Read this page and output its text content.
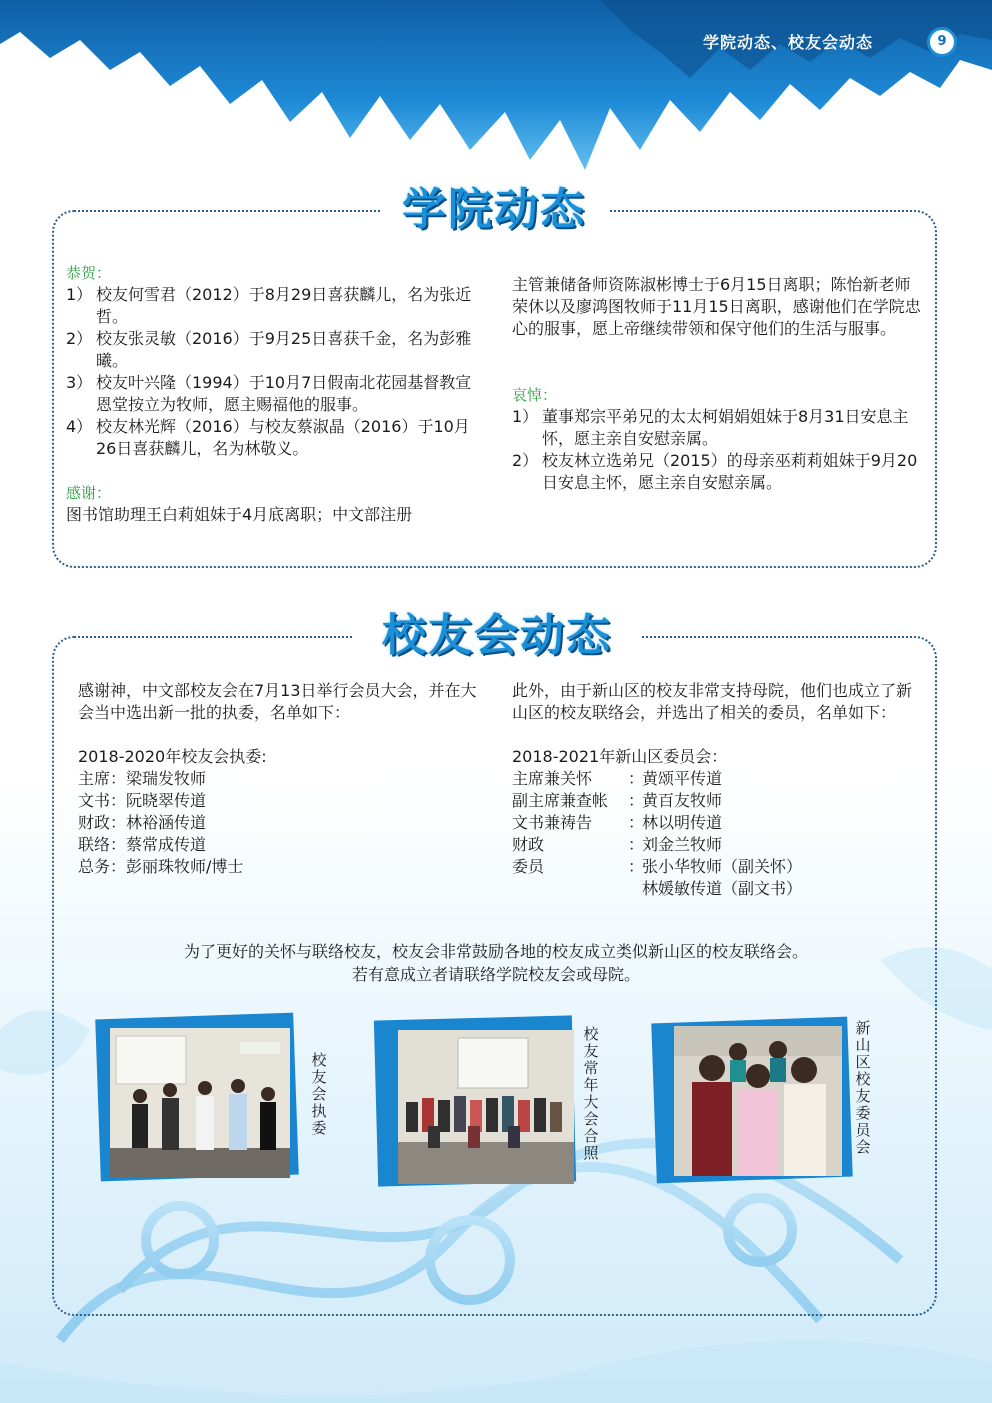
学院动态、校友会动态	9
学院动态
恭贺：
1） 校友何雪君（2012）于8月29日喜获麟儿，名为张近哲。
2） 校友张灵敏（2016）于9月25日喜获千金，名为彭雅曦。
3） 校友叶兴隆（1994）于10月7日假南北花园基督教宣恩堂按立为牧师，愿主赐福他的服事。
4） 校友林光辉（2016）与校友蔡淑晶（2016）于10月26日喜获麟儿，名为林敬义。
感谢：
图书馆助理王白莉姐妹于4月底离职；中文部注册
主管兼储备师资陈淑彬博士于6月15日离职；陈怡新老师荣休以及廖鸿图牧师于11月15日离职，感谢他们在学院忠心的服事，愿上帝继续带领和保守他们的生活与服事。
哀悼：
1） 董事郑宗平弟兄的太太柯娟娟姐妹于8月31日安息主怀，愿主亲自安慰亲属。
2） 校友林立选弟兄（2015）的母亲巫莉莉姐妹于9月20日安息主怀，愿主亲自安慰亲属。
校友会动态
感谢神，中文部校友会在7月13日举行会员大会，并在大会当中选出新一批的执委，名单如下：
2018-2020年校友会执委:
主席 ： 梁瑞发牧师
文书 ： 阮晓翠传道
财政 ： 林裕涵传道
联络 ： 蔡常成传道
总务 ： 彭丽珠牧师/博士
此外，由于新山区的校友非常支持母院，他们也成立了新山区的校友联络会，并选出了相关的委员，名单如下：
2018-2021年新山区委员会：
主席兼关怀	：
黄颂平传道
副主席兼查帐	：
黄百友牧师
文书兼祷告	：
林以明传道
财政	：
刘金兰牧师
委员	：
张小华牧师（副关怀）
林媛敏传道（副文书）
为了更好的关怀与联络校友，校友会非常鼓励各地的校友成立类似新山区的校友联络会。
若有意成立者请联络学院校友会或母院。
校友会执委
校友常年大会合照
新山区校友委员会
